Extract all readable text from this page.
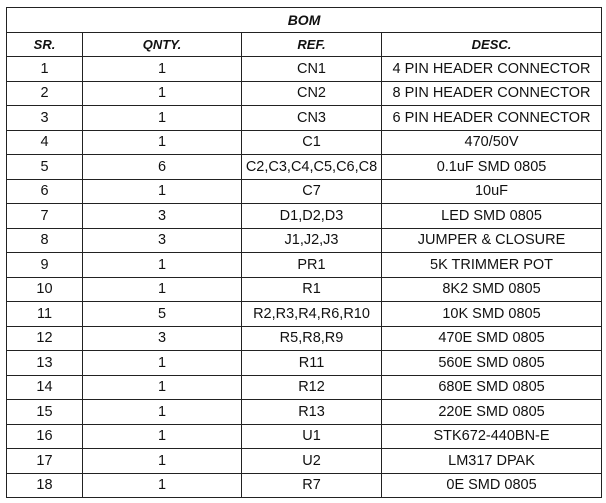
BOM			
SR.	QNTY.	REF.	DESC.
1	1	CN1	4 PIN HEADER CONNECTOR
2	1	CN2	8 PIN HEADER CONNECTOR
3	1	CN3	6 PIN HEADER CONNECTOR
4	1	C1	470/50V
5	6	C2,C3,C4,C5,C6,C8	0.1uF SMD 0805
6	1	C7	10uF
7	3	D1,D2,D3	LED SMD 0805
8	3	J1,J2,J3	JUMPER & CLOSURE
9	1	PR1	5K TRIMMER POT
10	1	R1	8K2 SMD 0805
11	5	R2,R3,R4,R6,R10	10K SMD 0805
12	3	R5,R8,R9	470E SMD 0805
13	1	R11	560E SMD 0805
14	1	R12	680E SMD 0805
15	1	R13	220E SMD 0805
16	1	U1	STK672-440BN-E
17	1	U2	LM317 DPAK
18	1	R7	0E SMD 0805
